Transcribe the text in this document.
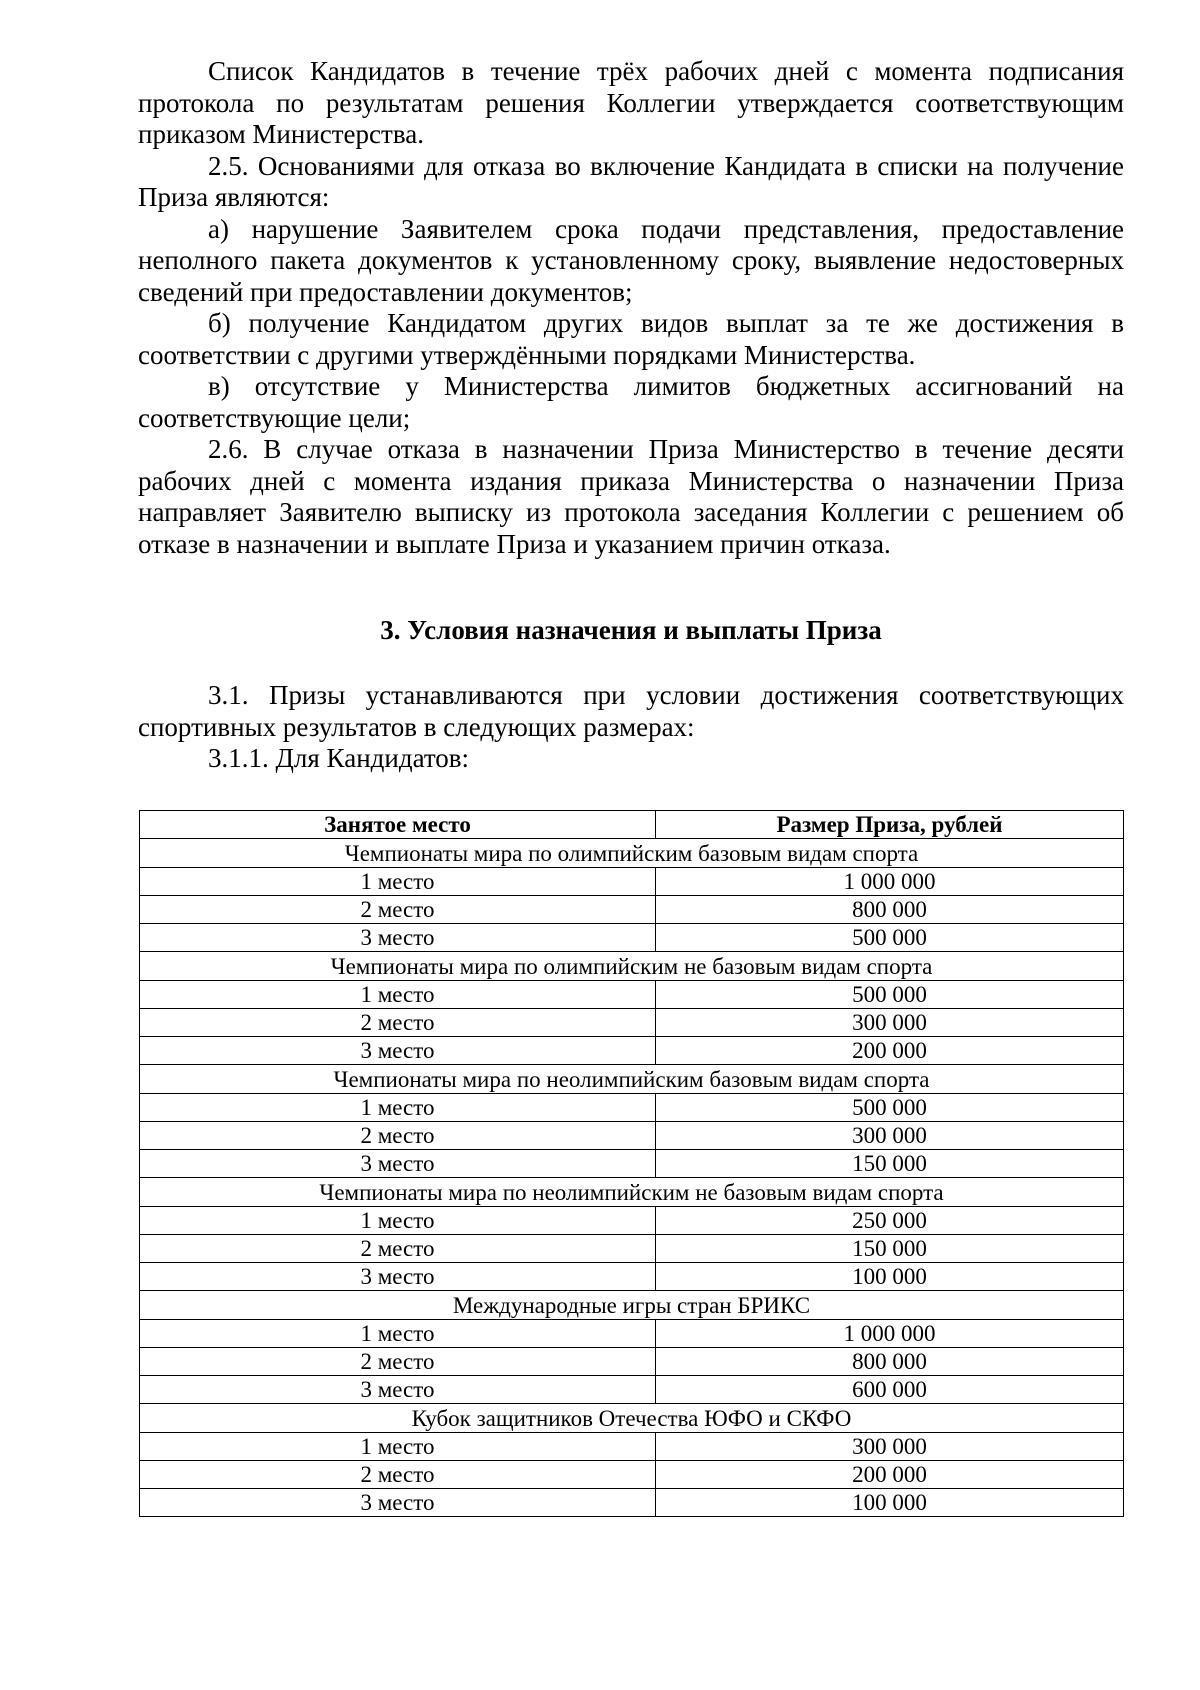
Список Кандидатов в течение трёх рабочих дней с момента подписания протокола по результатам решения Коллегии утверждается соответствующим приказом Министерства.

2.5. Основаниями для отказа во включение Кандидата в списки на получение Приза являются:

а) нарушение Заявителем срока подачи представления, предоставление неполного пакета документов к установленному сроку, выявление недостоверных сведений при предоставлении документов;

б) получение Кандидатом других видов выплат за те же достижения в соответствии с другими утверждёнными порядками Министерства.

в) отсутствие у Министерства лимитов бюджетных ассигнований на соответствующие цели;

2.6. В случае отказа в назначении Приза Министерство в течение десяти рабочих дней с момента издания приказа Министерства о назначении Приза направляет Заявителю выписку из протокола заседания Коллегии с решением об отказе в назначении и выплате Приза и указанием причин отказа.

3. Условия назначения и выплаты Приза

3.1. Призы устанавливаются при условии достижения соответствующих спортивных результатов в следующих размерах:

3.1.1. Для Кандидатов:

Занятое место	Размер Приза, рублей
Чемпионаты мира по олимпийским базовым видам спорта	
1 место	1 000 000
2 место	800 000
3 место	500 000
Чемпионаты мира по олимпийским не базовым видам спорта	
1 место	500 000
2 место	300 000
3 место	200 000
Чемпионаты мира по неолимпийским базовым видам спорта	
1 место	500 000
2 место	300 000
3 место	150 000
Чемпионаты мира по неолимпийским не базовым видам спорта	
1 место	250 000
2 место	150 000
3 место	100 000
Международные игры стран БРИКС	
1 место	1 000 000
2 место	800 000
3 место	600 000
Кубок защитников Отечества ЮФО и СКФО	
1 место	300 000
2 место	200 000
3 место	100 000
